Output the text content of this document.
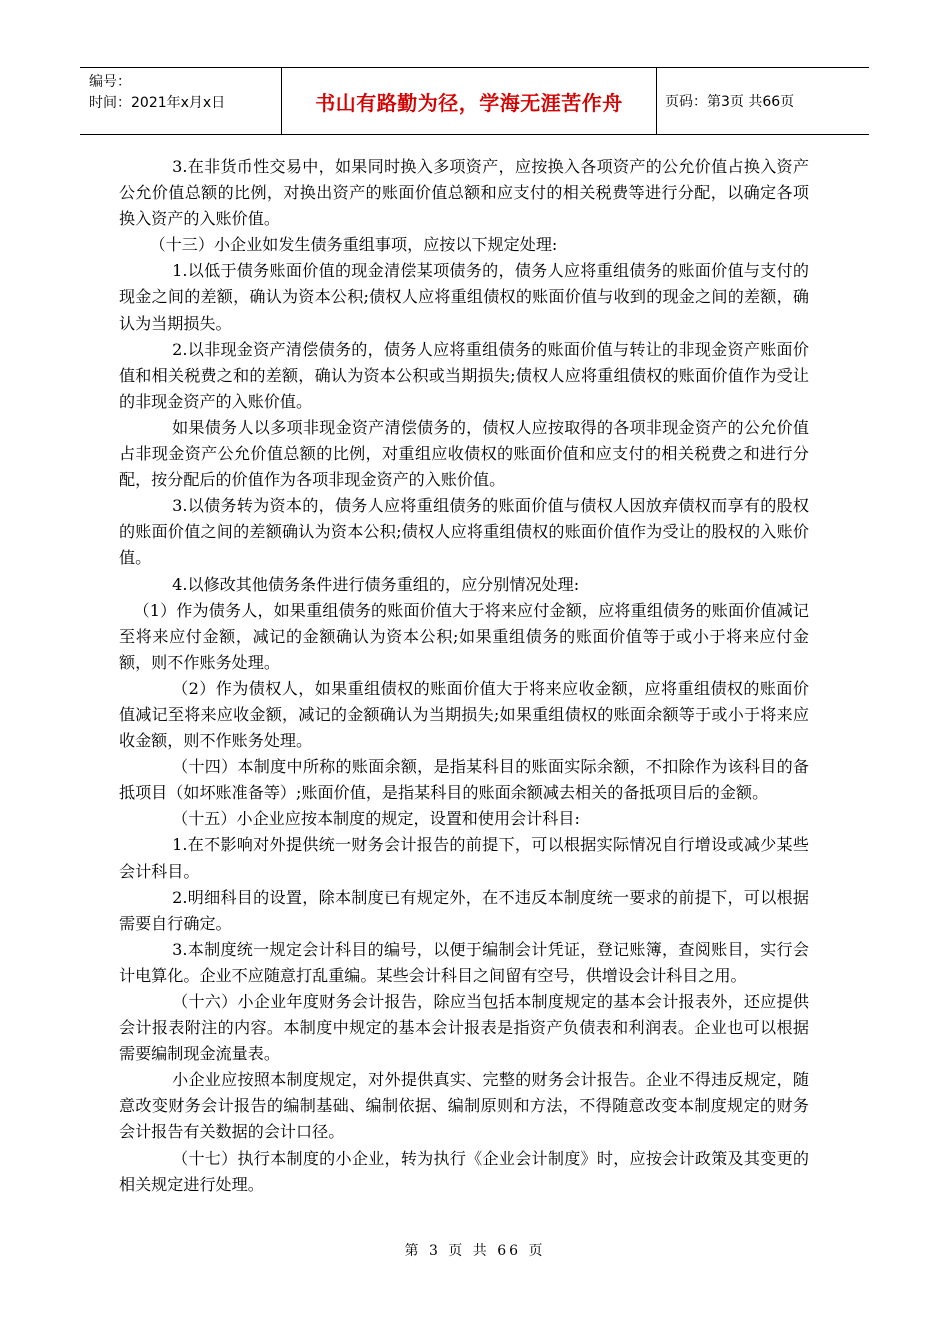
编号：
时间：2021年x月x日	书山有路勤为径，学海无涯苦作舟	页码：第3页 共66页

3.在非货币性交易中，如果同时换入多项资产，应按换入各项资产的公允价值占换入资产公允价值总额的比例，对换出资产的账面价值总额和应支付的相关税费等进行分配，以确定各项换入资产的入账价值。

（十三）小企业如发生债务重组事项，应按以下规定处理:

1.以低于债务账面价值的现金清偿某项债务的，债务人应将重组债务的账面价值与支付的现金之间的差额，确认为资本公积;债权人应将重组债权的账面价值与收到的现金之间的差额，确认为当期损失。

2.以非现金资产清偿债务的，债务人应将重组债务的账面价值与转让的非现金资产账面价值和相关税费之和的差额，确认为资本公积或当期损失;债权人应将重组债权的账面价值作为受让的非现金资产的入账价值。

如果债务人以多项非现金资产清偿债务的，债权人应按取得的各项非现金资产的公允价值占非现金资产公允价值总额的比例，对重组应收债权的账面价值和应支付的相关税费之和进行分配，按分配后的价值作为各项非现金资产的入账价值。

3.以债务转为资本的，债务人应将重组债务的账面价值与债权人因放弃债权而享有的股权的账面价值之间的差额确认为资本公积;债权人应将重组债权的账面价值作为受让的股权的入账价值。

4.以修改其他债务条件进行债务重组的，应分别情况处理:

（1）作为债务人，如果重组债务的账面价值大于将来应付金额，应将重组债务的账面价值减记至将来应付金额，减记的金额确认为资本公积;如果重组债务的账面价值等于或小于将来应付金额，则不作账务处理。

（2）作为债权人，如果重组债权的账面价值大于将来应收金额，应将重组债权的账面价值减记至将来应收金额，减记的金额确认为当期损失;如果重组债权的账面余额等于或小于将来应收金额，则不作账务处理。

（十四）本制度中所称的账面余额，是指某科目的账面实际余额，不扣除作为该科目的备抵项目（如坏账准备等）;账面价值，是指某科目的账面余额减去相关的备抵项目后的金额。

（十五）小企业应按本制度的规定，设置和使用会计科目:

1.在不影响对外提供统一财务会计报告的前提下，可以根据实际情况自行增设或减少某些会计科目。

2.明细科目的设置，除本制度已有规定外，在不违反本制度统一要求的前提下，可以根据需要自行确定。

3.本制度统一规定会计科目的编号，以便于编制会计凭证，登记账簿，查阅账目，实行会计电算化。企业不应随意打乱重编。某些会计科目之间留有空号，供增设会计科目之用。

（十六）小企业年度财务会计报告，除应当包括本制度规定的基本会计报表外，还应提供会计报表附注的内容。本制度中规定的基本会计报表是指资产负债表和利润表。企业也可以根据需要编制现金流量表。

小企业应按照本制度规定，对外提供真实、完整的财务会计报告。企业不得违反规定，随意改变财务会计报告的编制基础、编制依据、编制原则和方法，不得随意改变本制度规定的财务会计报告有关数据的会计口径。

（十七）执行本制度的小企业，转为执行《企业会计制度》时，应按会计政策及其变更的相关规定进行处理。

第 3 页 共 66 页
